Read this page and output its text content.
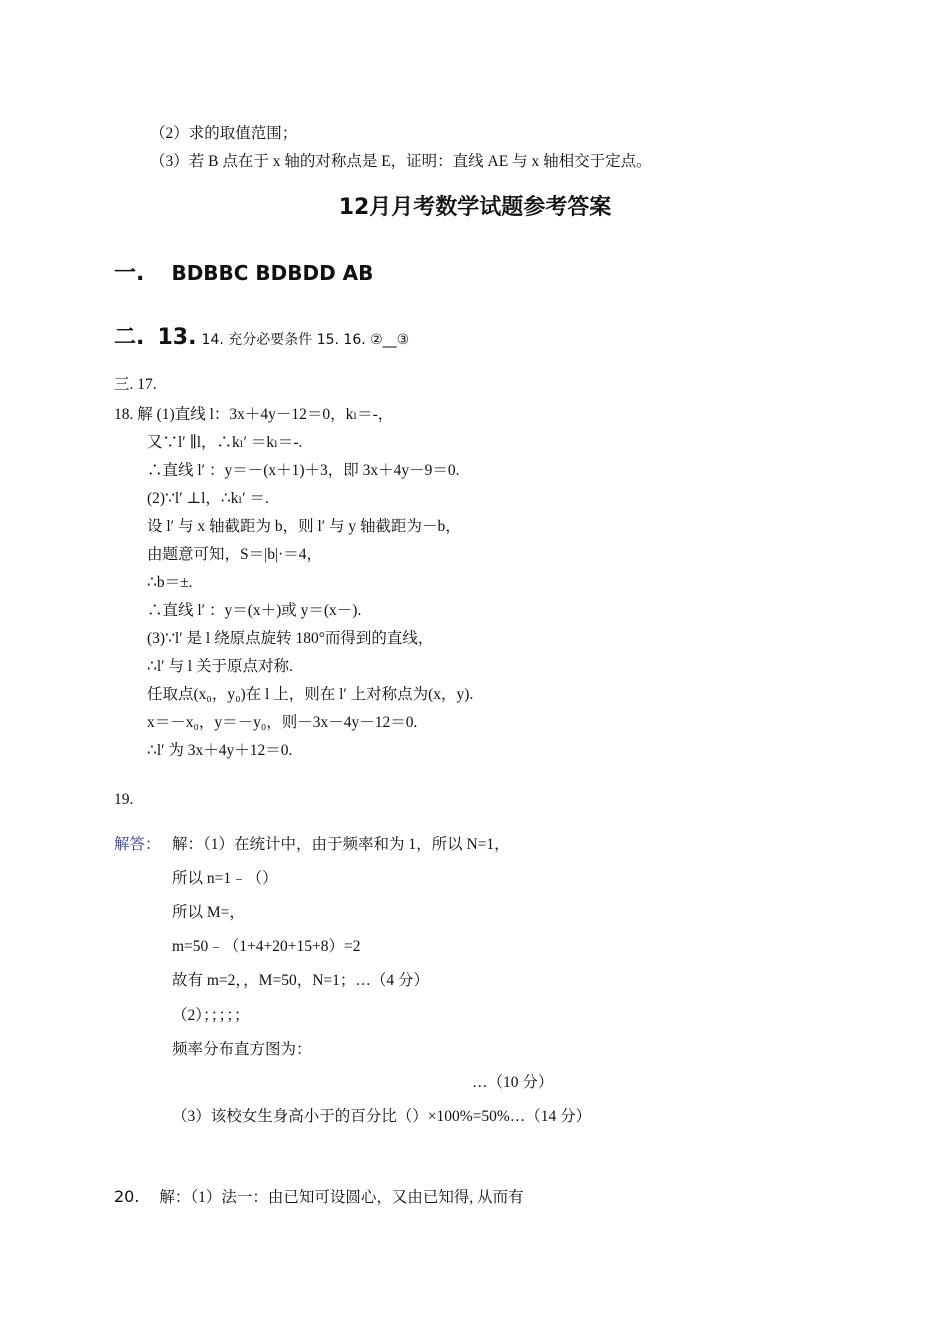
（2）求的取值范围；
（3）若 B 点在于 x 轴的对称点是 E，证明：直线 AE 与 x 轴相交于定点。
12月月考数学试题参考答案
一. BDBBC BDBDD AB
二. 13. 14. 充分必要条件 15. 16. ②__③
三. 17.
18. 解 (1)直线 l：3x＋4y－12＝0，kₗ＝-，
又∵l′ ∥l，∴kₗ′ ＝kₗ＝-.
∴直线 l′ ：y＝－(x＋1)＋3，即 3x＋4y－9＝0.
(2)∵l′ ⊥l，∴kₗ′ ＝.
设 l′ 与 x 轴截距为 b，则 l′ 与 y 轴截距为－b，
由题意可知，S＝|b|·＝4，
∴b＝±.
∴直线 l′ ：y＝(x＋)或 y＝(x－).
(3)∵l′ 是 l 绕原点旋转 180°而得到的直线，
∴l′ 与 l 关于原点对称.
任取点(x₀，y₀)在 l 上，则在 l′ 上对称点为(x，y).
x＝－x₀，y＝－y₀，则－3x－4y－12＝0.
∴l′ 为 3x＋4y＋12＝0.
19.
解答： 解：（1）在统计中，由于频率和为 1，所以 N=1，
所以 n=1﹣（）
所以 M=，
m=50﹣（1+4+20+15+8）=2
故有 m=2，，M=50，N=1；…（4 分）
（2）；；；；；
频率分布直方图为：
…（10 分）
（3）该校女生身高小于的百分比（）×100%=50%…（14 分）
20. 解：（1）法一：由已知可设圆心，又由已知得, 从而有
